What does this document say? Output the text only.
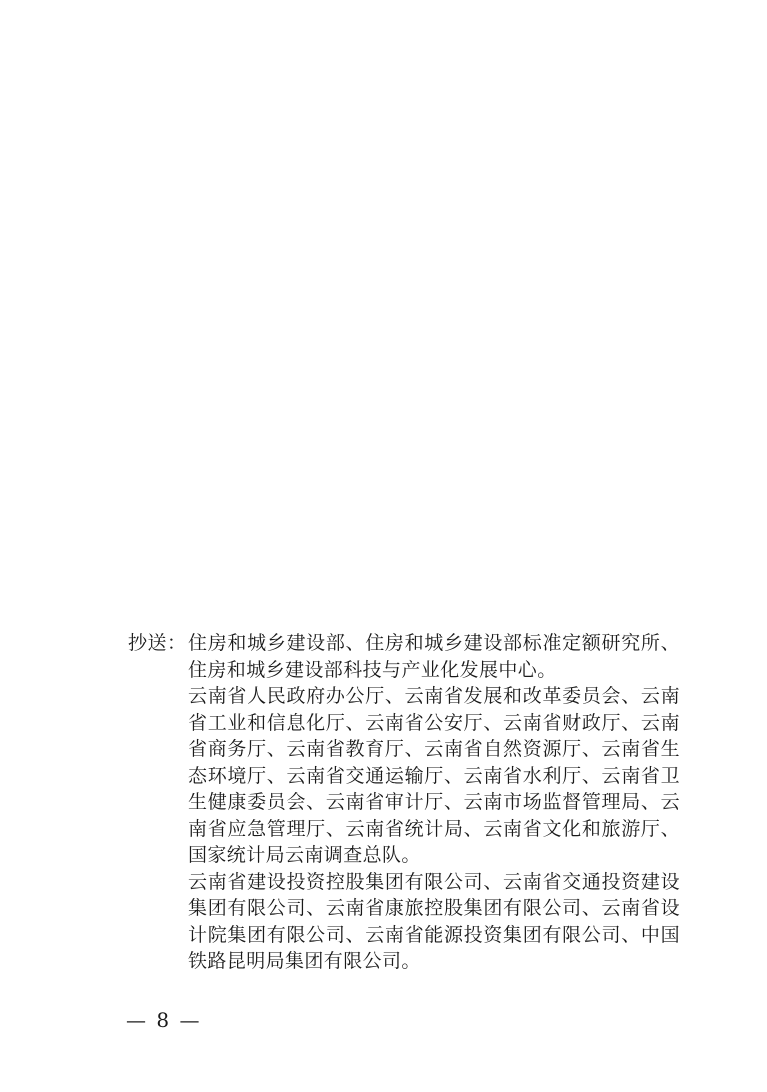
抄送： 住房和城乡建设部、住房和城乡建设部标准定额研究所、住房和城乡建设部科技与产业化发展中心。

云南省人民政府办公厅、云南省发展和改革委员会、云南省工业和信息化厅、云南省公安厅、云南省财政厅、云南省商务厅、云南省教育厅、云南省自然资源厅、云南省生态环境厅、云南省交通运输厅、云南省水利厅、云南省卫生健康委员会、云南省审计厅、云南市场监督管理局、云南省应急管理厅、云南省统计局、云南省文化和旅游厅、国家统计局云南调查总队。

云南省建设投资控股集团有限公司、云南省交通投资建设集团有限公司、云南省康旅控股集团有限公司、云南省设计院集团有限公司、云南省能源投资集团有限公司、中国铁路昆明局集团有限公司。

— 8 —
